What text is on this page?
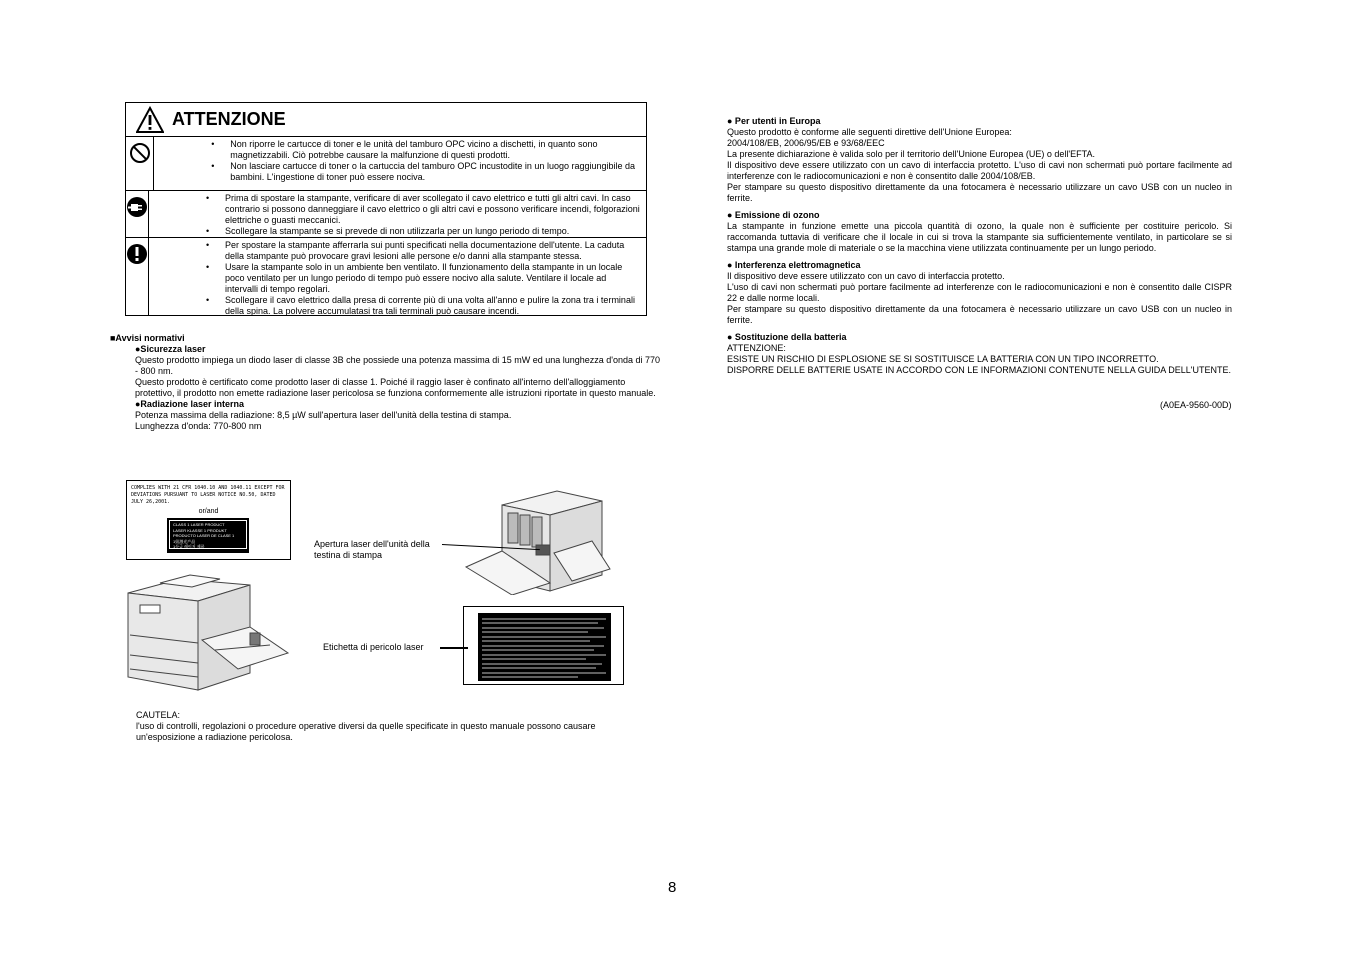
ATTENZIONE
• Non riporre le cartucce di toner e le unità del tamburo OPC vicino a dischetti, in quanto sono magnetizzabili. Ciò potrebbe causare la malfunzione di questi prodotti.
• Non lasciare cartucce di toner o la cartuccia del tamburo OPC incustodite in un luogo raggiungibile da bambini. L'ingestione di toner può essere nociva.
• Prima di spostare la stampante, verificare di aver scollegato il cavo elettrico e tutti gli altri cavi. In caso contrario si possono danneggiare il cavo elettrico o gli altri cavi e possono verificare incendi, folgorazioni elettriche o guasti meccanici.
• Scollegare la stampante se si prevede di non utilizzarla per un lungo periodo di tempo.
• Per spostare la stampante afferrarla sui punti specificati nella documentazione dell'utente. La caduta della stampante può provocare gravi lesioni alle persone e/o danni alla stampante stessa.
• Usare la stampante solo in un ambiente ben ventilato. Il funzionamento della stampante in un locale poco ventilato per un lungo periodo di tempo può essere nocivo alla salute. Ventilare il locale ad intervalli di tempo regolari.
• Scollegare il cavo elettrico dalla presa di corrente più di una volta all'anno e pulire la zona tra i terminali della spina. La polvere accumulatasi tra tali terminali può causare incendi.
■Avvisi normativi
●Sicurezza laser
Questo prodotto impiega un diodo laser di classe 3B che possiede una potenza massima di 15 mW ed una lunghezza d'onda di 770 - 800 nm.
Questo prodotto è certificato come prodotto laser di classe 1. Poiché il raggio laser è confinato all'interno dell'alloggiamento protettivo, il prodotto non emette radiazione laser pericolosa se funziona conformemente alle istruzioni riportate in questo manuale.
●Radiazione laser interna
Potenza massima della radiazione: 8,5 µW sull'apertura laser dell'unità della testina di stampa.
Lunghezza d'onda: 770-800 nm
COMPLIES WITH 21 CFR 1040.10 AND 1040.11 EXCEPT FOR DEVIATIONS PURSUANT TO LASER NOTICE NO.50, DATED JULY 26,2001.
or/and
CLASS 1 LASER PRODUCT
LASER KLASSE 1 PRODUKT
PRODUCTO LASER DE CLASE 1
1級激光产品
1등급 레이저 제품	Apertura laser dell'unità della testina di stampa
Etichetta di pericolo laser
CAUTELA:
l'uso di controlli, regolazioni o procedure operative diversi da quelle specificate in questo manuale possono causare un'esposizione a radiazione pericolosa.
● Per utenti in Europa
Questo prodotto è conforme alle seguenti direttive dell'Unione Europea:
2004/108/EB, 2006/95/EB e 93/68/EEC
La presente dichiarazione è valida solo per il territorio dell'Unione Europea (UE) o dell'EFTA.
Il dispositivo deve essere utilizzato con un cavo di interfaccia protetto. L'uso di cavi non schermati può portare facilmente ad interferenze con le radiocomunicazioni e non è consentito dalle 2004/108/EB.
Per stampare su questo dispositivo direttamente da una fotocamera è necessario utilizzare un cavo USB con un nucleo in ferrite.
● Emissione di ozono
La stampante in funzione emette una piccola quantità di ozono, la quale non è sufficiente per costituire pericolo. Si raccomanda tuttavia di verificare che il locale in cui si trova la stampante sia sufficientemente ventilato, in particolare se si stampa una grande mole di materiale o se la macchina viene utilizzata continuamente per un lungo periodo.
● Interferenza elettromagnetica
Il dispositivo deve essere utilizzato con un cavo di interfaccia protetto.
L'uso di cavi non schermati può portare facilmente ad interferenze con le radiocomunicazioni e non è consentito dalle CISPR 22 e dalle norme locali.
Per stampare su questo dispositivo direttamente da una fotocamera è necessario utilizzare un cavo USB con un nucleo in ferrite.
● Sostituzione della batteria
ATTENZIONE:
ESISTE UN RISCHIO DI ESPLOSIONE SE SI SOSTITUISCE LA BATTERIA CON UN TIPO INCORRETTO.
DISPORRE DELLE BATTERIE USATE IN ACCORDO CON LE INFORMAZIONI CONTENUTE NELLA GUIDA DELL'UTENTE.
(A0EA-9560-00D)
8
